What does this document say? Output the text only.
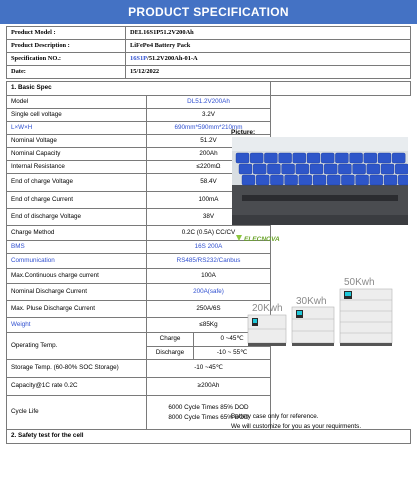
PRODUCT SPECIFICATION
Product Model :	DEL16S1P51.2V200Ah
Product Description :	LiFePo4 Battery Pack
Specification NO.:	16S1P/51.2V200Ah-01-A
Date:	15/12/2022
1. Basic Spec	
Model	DL51.2V200Ah
Single cell voltage	3.2V
L×W×H	690mm*590mm*210mm
Nominal Voltage	51.2V
Nominal Capacity	200Ah
Internal Resistance	≤220mΩ
End of charge Voltage	58.4V
End of charge Current	100mA
End of discharge Voltage	38V
Charge Method	0.2C (0.5A) CC/CV
BMS	16S 200A
Communication	RS485/RS232/Canbus
Max.Continuous charge current	100A
Nominal Discharge Current	200A(safe)
Max. Pluse Discharge Current	250A/6S
Weight	≤85Kg
Operating Temp.	
Charge	0 ~45℃
Discharge	-10 ~ 55℃

Storage Temp. (60-80% SOC Storage)	-10 ~45℃
Capacity@1C rate 0.2C	≥200Ah
Cycle Life	
6000 Cycle Times 85% DOD
8000 Cycle Times 65% DOD

2. Safety test for the cell
Picture:
ELECNOVA
50Kwh
30Kwh
20Kwh
Battery case only for reference.
We will customize for you as your requirments.
